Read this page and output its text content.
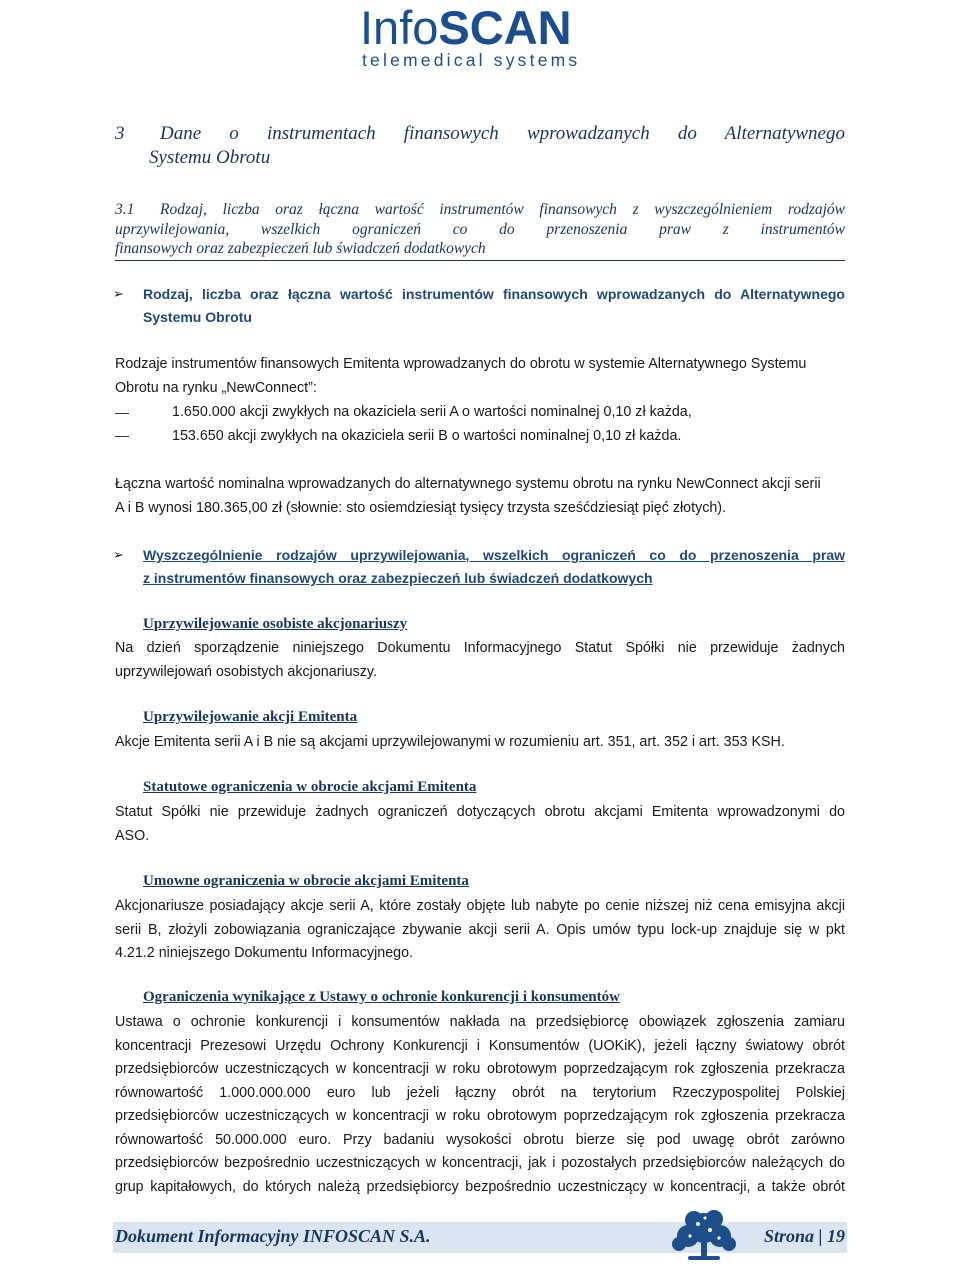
InfoSCAN
telemedical systems
3 Dane o instrumentach finansowych wprowadzanych do Alternatywnego
Systemu Obrotu
3.1 Rodzaj, liczba oraz łączna wartość instrumentów finansowych z wyszczególnieniem rodzajów
uprzywilejowania, wszelkich ograniczeń co do przenoszenia praw z instrumentów
finansowych oraz zabezpieczeń lub świadczeń dodatkowych
➢ Rodzaj, liczba oraz łączna wartość instrumentów finansowych wprowadzanych do Alternatywnego
Systemu Obrotu
Rodzaje instrumentów finansowych Emitenta wprowadzanych do obrotu w systemie Alternatywnego Systemu
Obrotu na rynku „NewConnect”:
1.650.000 akcji zwykłych na okaziciela serii A o wartości nominalnej 0,10 zł każda,
153.650 akcji zwykłych na okaziciela serii B o wartości nominalnej 0,10 zł każda.
Łączna wartość nominalna wprowadzanych do alternatywnego systemu obrotu na rynku NewConnect akcji serii
A i B wynosi 180.365,00 zł (słownie: sto osiemdziesiąt tysięcy trzysta sześćdziesiąt pięć złotych).
➢ Wyszczególnienie rodzajów uprzywilejowania, wszelkich ograniczeń co do przenoszenia praw
z instrumentów finansowych oraz zabezpieczeń lub świadczeń dodatkowych
Uprzywilejowanie osobiste akcjonariuszy
Na dzień sporządzenie niniejszego Dokumentu Informacyjnego Statut Spółki nie przewiduje żadnych
uprzywilejowań osobistych akcjonariuszy.
Uprzywilejowanie akcji Emitenta
Akcje Emitenta serii A i B nie są akcjami uprzywilejowanymi w rozumieniu art. 351, art. 352 i art. 353 KSH.
Statutowe ograniczenia w obrocie akcjami Emitenta
Statut Spółki nie przewiduje żadnych ograniczeń dotyczących obrotu akcjami Emitenta wprowadzonymi do
ASO.
Umowne ograniczenia w obrocie akcjami Emitenta
Akcjonariusze posiadający akcje serii A, które zostały objęte lub nabyte po cenie niższej niż cena emisyjna akcji
serii B, złożyli zobowiązania ograniczające zbywanie akcji serii A. Opis umów typu lock-up znajduje się w pkt
4.21.2 niniejszego Dokumentu Informacyjnego.
Ograniczenia wynikające z Ustawy o ochronie konkurencji i konsumentów
Ustawa o ochronie konkurencji i konsumentów nakłada na przedsiębiorcę obowiązek zgłoszenia zamiaru
koncentracji Prezesowi Urzędu Ochrony Konkurencji i Konsumentów (UOKiK), jeżeli łączny światowy obrót
przedsiębiorców uczestniczących w koncentracji w roku obrotowym poprzedzającym rok zgłoszenia przekracza
równowartość 1.000.000.000 euro lub jeżeli łączny obrót na terytorium Rzeczypospolitej Polskiej
przedsiębiorców uczestniczących w koncentracji w roku obrotowym poprzedzającym rok zgłoszenia przekracza
równowartość 50.000.000 euro. Przy badaniu wysokości obrotu bierze się pod uwagę obrót zarówno
przedsiębiorców bezpośrednio uczestniczących w koncentracji, jak i pozostałych przedsiębiorców należących do
grup kapitałowych, do których należą przedsiębiorcy bezpośrednio uczestniczący w koncentracji, a także obrót
Dokument Informacyjny INFOSCAN S.A.	Strona | 19
